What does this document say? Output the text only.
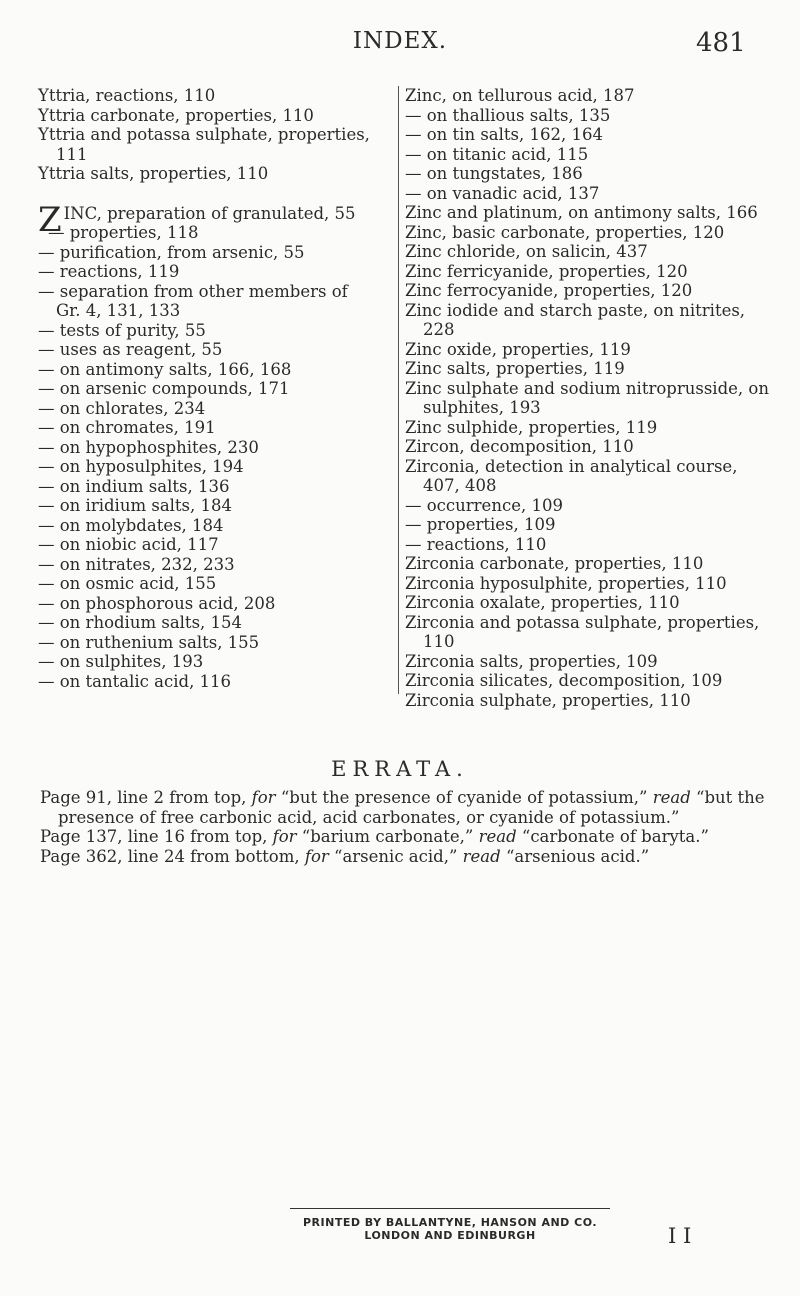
INDEX.	481
Yttria, reactions, 110
Yttria carbonate, properties, 110
Yttria and potassa sulphate, properties, 111
Yttria salts, properties, 110
ZINC, preparation of granulated, 55
— properties, 118
— purification, from arsenic, 55
— reactions, 119
— separation from other members of Gr. 4, 131, 133
— tests of purity, 55
— uses as reagent, 55
— on antimony salts, 166, 168
— on arsenic compounds, 171
— on chlorates, 234
— on chromates, 191
— on hypophosphites, 230
— on hyposulphites, 194
— on indium salts, 136
— on iridium salts, 184
— on molybdates, 184
— on niobic acid, 117
— on nitrates, 232, 233
— on osmic acid, 155
— on phosphorous acid, 208
— on rhodium salts, 154
— on ruthenium salts, 155
— on sulphites, 193
— on tantalic acid, 116
Zinc, on tellurous acid, 187
— on thallious salts, 135
— on tin salts, 162, 164
— on titanic acid, 115
— on tungstates, 186
— on vanadic acid, 137
Zinc and platinum, on antimony salts, 166
Zinc, basic carbonate, properties, 120
Zinc chloride, on salicin, 437
Zinc ferricyanide, properties, 120
Zinc ferrocyanide, properties, 120
Zinc iodide and starch paste, on nitrites, 228
Zinc oxide, properties, 119
Zinc salts, properties, 119
Zinc sulphate and sodium nitroprusside, on sulphites, 193
Zinc sulphide, properties, 119
Zircon, decomposition, 110
Zirconia, detection in analytical course, 407, 408
— occurrence, 109
— properties, 109
— reactions, 110
Zirconia carbonate, properties, 110
Zirconia hyposulphite, properties, 110
Zirconia oxalate, properties, 110
Zirconia and potassa sulphate, properties, 110
Zirconia salts, properties, 109
Zirconia silicates, decomposition, 109
Zirconia sulphate, properties, 110
ERRATA.
Page 91, line 2 from top, for “but the presence of cyanide of potassium,” read “but the presence of free carbonic acid, acid carbonates, or cyanide of potassium.”
Page 137, line 16 from top, for “barium carbonate,” read “carbonate of baryta.”
Page 362, line 24 from bottom, for “arsenic acid,” read “arsenious acid.”
PRINTED BY BALLANTYNE, HANSON AND CO.
LONDON AND EDINBURGH	I I
